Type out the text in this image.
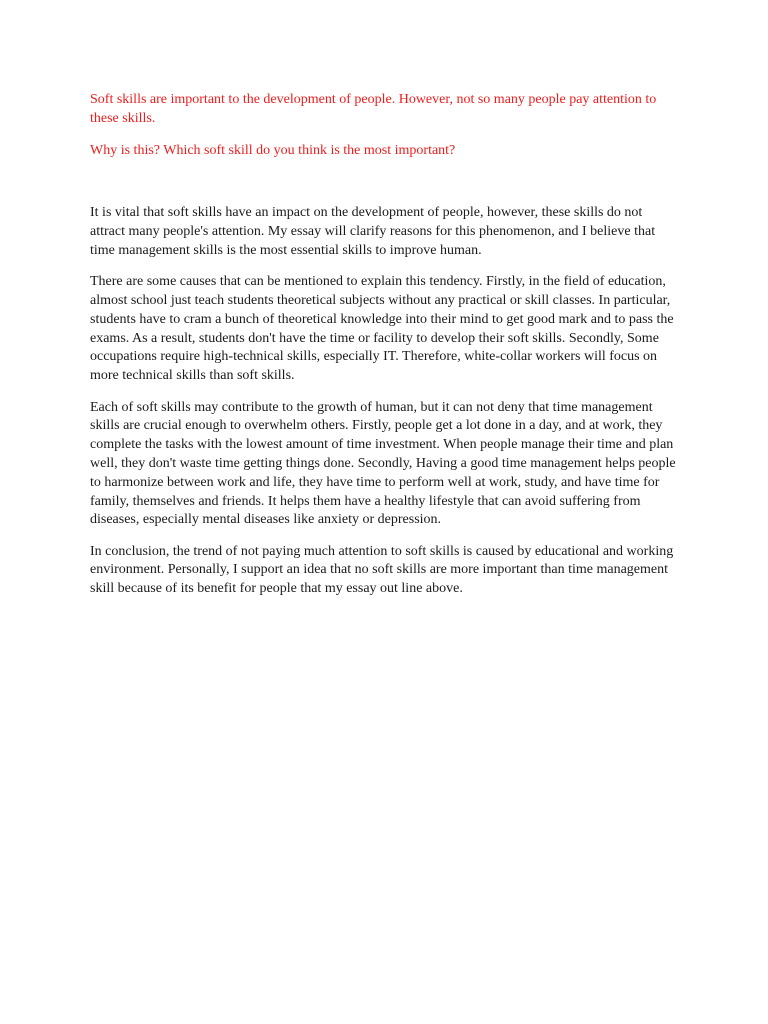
Soft skills are important to the development of people. However, not so many people pay attention to these skills.

Why is this? Which soft skill do you think is the most important?

It is vital that soft skills have an impact on the development of people, however, these skills do not attract many people's attention. My essay will clarify reasons for this phenomenon, and I believe that time management skills is the most essential skills to improve human.

There are some causes that can be mentioned to explain this tendency. Firstly, in the field of education, almost school just teach students theoretical subjects without any practical or skill classes. In particular, students have to cram a bunch of theoretical knowledge into their mind to get good mark and to pass the exams. As a result, students don't have the time or facility to develop their soft skills. Secondly, Some occupations require high-technical skills, especially IT. Therefore, white-collar workers will focus on more technical skills than soft skills.

Each of soft skills may contribute to the growth of human, but it can not deny that time management skills are crucial enough to overwhelm others. Firstly, people get a lot done in a day, and at work, they complete the tasks with the lowest amount of time investment. When people manage their time and plan well, they don't waste time getting things done. Secondly, Having a good time management helps people to harmonize between work and life, they have time to perform well at work, study, and have time for family, themselves and friends. It helps them have a healthy lifestyle that can avoid suffering from diseases, especially mental diseases like anxiety or depression.

In conclusion, the trend of not paying much attention to soft skills is caused by educational and working environment. Personally, I support an idea that no soft skills are more important than time management skill because of its benefit for people that my essay out line above.
